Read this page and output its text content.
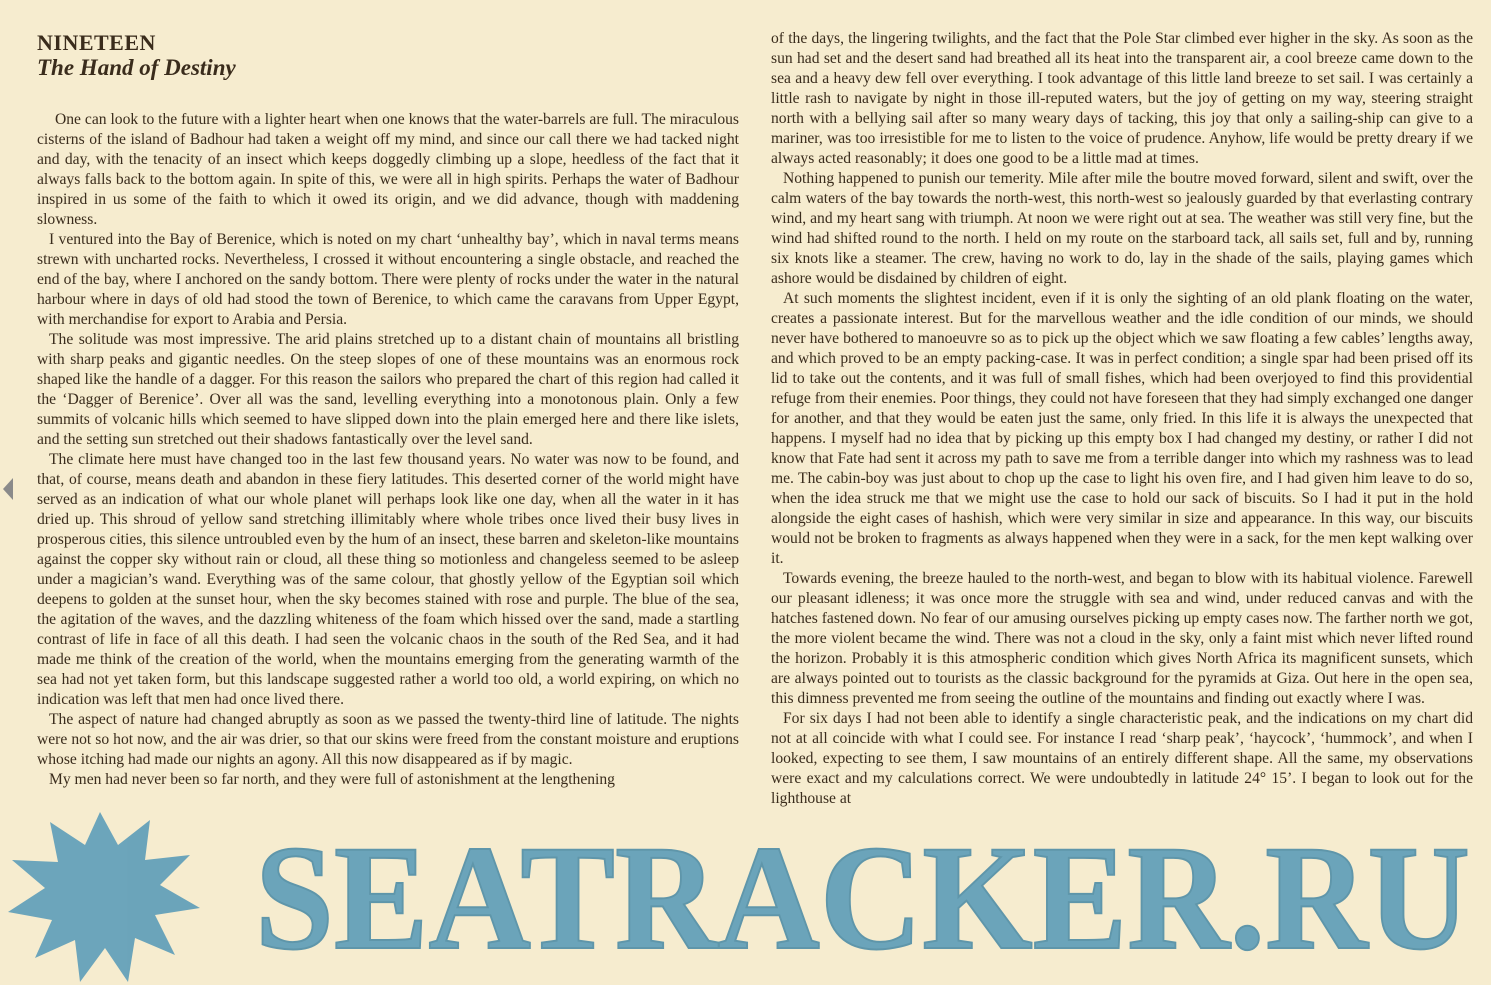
NINETEEN
The Hand of Destiny

One can look to the future with a lighter heart when one knows that the water-barrels are full. The miraculous cisterns of the island of Badhour had taken a weight off my mind, and since our call there we had tacked night and day, with the tenacity of an insect which keeps doggedly climbing up a slope, heedless of the fact that it always falls back to the bottom again. In spite of this, we were all in high spirits. Perhaps the water of Badhour inspired in us some of the faith to which it owed its origin, and we did advance, though with maddening slowness.

I ventured into the Bay of Berenice, which is noted on my chart ‘unhealthy bay’, which in naval terms means strewn with uncharted rocks. Nevertheless, I crossed it without encountering a single obstacle, and reached the end of the bay, where I anchored on the sandy bottom. There were plenty of rocks under the water in the natural harbour where in days of old had stood the town of Berenice, to which came the caravans from Upper Egypt, with merchandise for export to Arabia and Persia.

The solitude was most impressive. The arid plains stretched up to a distant chain of mountains all bristling with sharp peaks and gigantic needles. On the steep slopes of one of these mountains was an enormous rock shaped like the handle of a dagger. For this reason the sailors who prepared the chart of this region had called it the ‘Dagger of Berenice’. Over all was the sand, levelling everything into a monotonous plain. Only a few summits of volcanic hills which seemed to have slipped down into the plain emerged here and there like islets, and the setting sun stretched out their shadows fantastically over the level sand.

The climate here must have changed too in the last few thousand years. No water was now to be found, and that, of course, means death and abandon in these fiery latitudes. This deserted corner of the world might have served as an indication of what our whole planet will perhaps look like one day, when all the water in it has dried up. This shroud of yellow sand stretching illimitably where whole tribes once lived their busy lives in prosperous cities, this silence untroubled even by the hum of an insect, these barren and skeleton-like mountains against the copper sky without rain or cloud, all these thing so motionless and changeless seemed to be asleep under a magician’s wand. Everything was of the same colour, that ghostly yellow of the Egyptian soil which deepens to golden at the sunset hour, when the sky becomes stained with rose and purple. The blue of the sea, the agitation of the waves, and the dazzling whiteness of the foam which hissed over the sand, made a startling contrast of life in face of all this death. I had seen the volcanic chaos in the south of the Red Sea, and it had made me think of the creation of the world, when the mountains emerging from the generating warmth of the sea had not yet taken form, but this landscape suggested rather a world too old, a world expiring, on which no indication was left that men had once lived there.

The aspect of nature had changed abruptly as soon as we passed the twenty-third line of latitude. The nights were not so hot now, and the air was drier, so that our skins were freed from the constant moisture and eruptions whose itching had made our nights an agony. All this now disappeared as if by magic.

My men had never been so far north, and they were full of astonishment at the lengthening

of the days, the lingering twilights, and the fact that the Pole Star climbed ever higher in the sky. As soon as the sun had set and the desert sand had breathed all its heat into the transparent air, a cool breeze came down to the sea and a heavy dew fell over everything. I took advantage of this little land breeze to set sail. I was certainly a little rash to navigate by night in those ill-reputed waters, but the joy of getting on my way, steering straight north with a bellying sail after so many weary days of tacking, this joy that only a sailing-ship can give to a mariner, was too irresistible for me to listen to the voice of prudence. Anyhow, life would be pretty dreary if we always acted reasonably; it does one good to be a little mad at times.

Nothing happened to punish our temerity. Mile after mile the boutre moved forward, silent and swift, over the calm waters of the bay towards the north-west, this north-west so jealously guarded by that everlasting contrary wind, and my heart sang with triumph. At noon we were right out at sea. The weather was still very fine, but the wind had shifted round to the north. I held on my route on the starboard tack, all sails set, full and by, running six knots like a steamer. The crew, having no work to do, lay in the shade of the sails, playing games which ashore would be disdained by children of eight.

At such moments the slightest incident, even if it is only the sighting of an old plank floating on the water, creates a passionate interest. But for the marvellous weather and the idle condition of our minds, we should never have bothered to manoeuvre so as to pick up the object which we saw floating a few cables’ lengths away, and which proved to be an empty packing-case. It was in perfect condition; a single spar had been prised off its lid to take out the contents, and it was full of small fishes, which had been overjoyed to find this providential refuge from their enemies. Poor things, they could not have foreseen that they had simply exchanged one danger for another, and that they would be eaten just the same, only fried. In this life it is always the unexpected that happens. I myself had no idea that by picking up this empty box I had changed my destiny, or rather I did not know that Fate had sent it across my path to save me from a terrible danger into which my rashness was to lead me. The cabin-boy was just about to chop up the case to light his oven fire, and I had given him leave to do so, when the idea struck me that we might use the case to hold our sack of biscuits. So I had it put in the hold alongside the eight cases of hashish, which were very similar in size and appearance. In this way, our biscuits would not be broken to fragments as always happened when they were in a sack, for the men kept walking over it.

Towards evening, the breeze hauled to the north-west, and began to blow with its habitual violence. Farewell our pleasant idleness; it was once more the struggle with sea and wind, under reduced canvas and with the hatches fastened down. No fear of our amusing ourselves picking up empty cases now. The farther north we got, the more violent became the wind. There was not a cloud in the sky, only a faint mist which never lifted round the horizon. Probably it is this atmospheric condition which gives North Africa its magnificent sunsets, which are always pointed out to tourists as the classic background for the pyramids at Giza. Out here in the open sea, this dimness prevented me from seeing the outline of the mountains and finding out exactly where I was.

For six days I had not been able to identify a single characteristic peak, and the indications on my chart did not at all coincide with what I could see. For instance I read ‘sharp peak’, ‘haycock’, ‘hummock’, and when I looked, expecting to see them, I saw mountains of an entirely different shape. All the same, my observations were exact and my calculations correct. We were undoubtedly in latitude 24° 15’. I began to look out for the lighthouse at

SEATRACKER.RU
